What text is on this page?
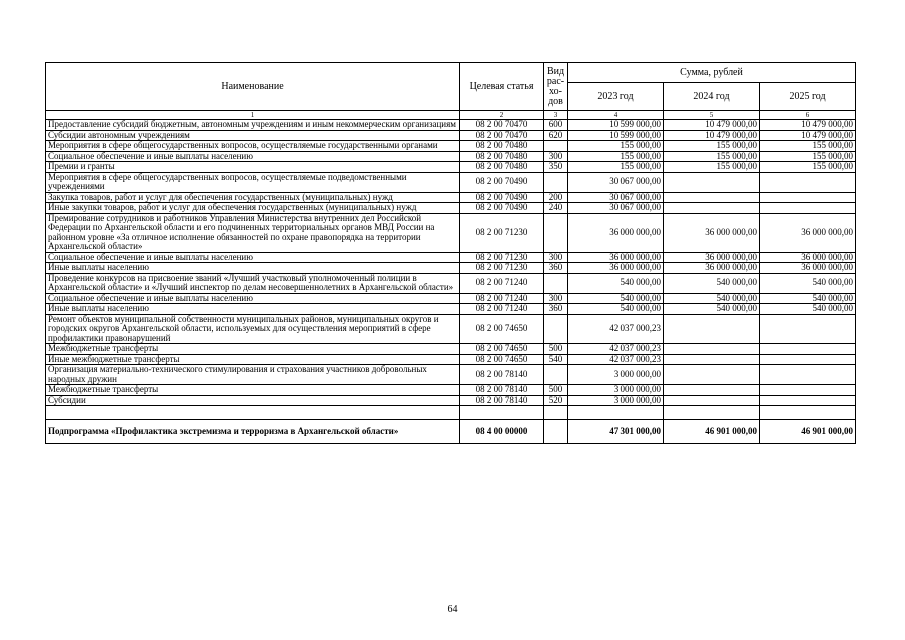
Наименование	Целевая статья	Вид рас-хо-дов	Сумма, рублей		
			2023 год	2024 год	2025 год
1	2	3	4	5	6
Предоставление субсидий бюджетным, автономным учреждениям и иным некоммерческим организациям	08 2 00 70470	600	10 599 000,00	10 479 000,00	10 479 000,00
Субсидии автономным учреждениям	08 2 00 70470	620	10 599 000,00	10 479 000,00	10 479 000,00
Мероприятия в сфере общегосударственных вопросов, осуществляемые государственными органами	08 2 00 70480		155 000,00	155 000,00	155 000,00
Социальное обеспечение и иные выплаты населению	08 2 00 70480	300	155 000,00	155 000,00	155 000,00
Премии и гранты	08 2 00 70480	350	155 000,00	155 000,00	155 000,00
Мероприятия в сфере общегосударственных вопросов, осуществляемые подведомственными учреждениями	08 2 00 70490		30 067 000,00		
Закупка товаров, работ и услуг для обеспечения государственных (муниципальных) нужд	08 2 00 70490	200	30 067 000,00		
Иные закупки товаров, работ и услуг для обеспечения государственных (муниципальных) нужд	08 2 00 70490	240	30 067 000,00		
Премирование сотрудников и работников Управления Министерства внутренних дел Российской Федерации по Архангельской области и его подчиненных территориальных органов МВД России на районном уровне «За отличное исполнение обязанностей по охране правопорядка на территории Архангельской области»	08 2 00 71230		36 000 000,00	36 000 000,00	36 000 000,00
Социальное обеспечение и иные выплаты населению	08 2 00 71230	300	36 000 000,00	36 000 000,00	36 000 000,00
Иные выплаты населению	08 2 00 71230	360	36 000 000,00	36 000 000,00	36 000 000,00
Проведение конкурсов на присвоение званий «Лучший участковый уполномоченный полиции в Архангельской области» и «Лучший инспектор по делам несовершеннолетних в Архангельской области»	08 2 00 71240		540 000,00	540 000,00	540 000,00
Социальное обеспечение и иные выплаты населению	08 2 00 71240	300	540 000,00	540 000,00	540 000,00
Иные выплаты населению	08 2 00 71240	360	540 000,00	540 000,00	540 000,00
Ремонт объектов муниципальной собственности муниципальных районов, муниципальных округов и городских округов Архангельской области, используемых для осуществления мероприятий в сфере профилактики правонарушений	08 2 00 74650		42 037 000,23		
Межбюджетные трансферты	08 2 00 74650	500	42 037 000,23		
Иные межбюджетные трансферты	08 2 00 74650	540	42 037 000,23		
Организация материально-технического стимулирования и страхования участников добровольных народных дружин	08 2 00 78140		3 000 000,00		
Межбюджетные трансферты	08 2 00 78140	500	3 000 000,00		
Субсидии	08 2 00 78140	520	3 000 000,00		

Подпрограмма «Профилактика экстремизма и терроризма в Архангельской области»	08 4 00 00000		47 301 000,00	46 901 000,00	46 901 000,00
64
